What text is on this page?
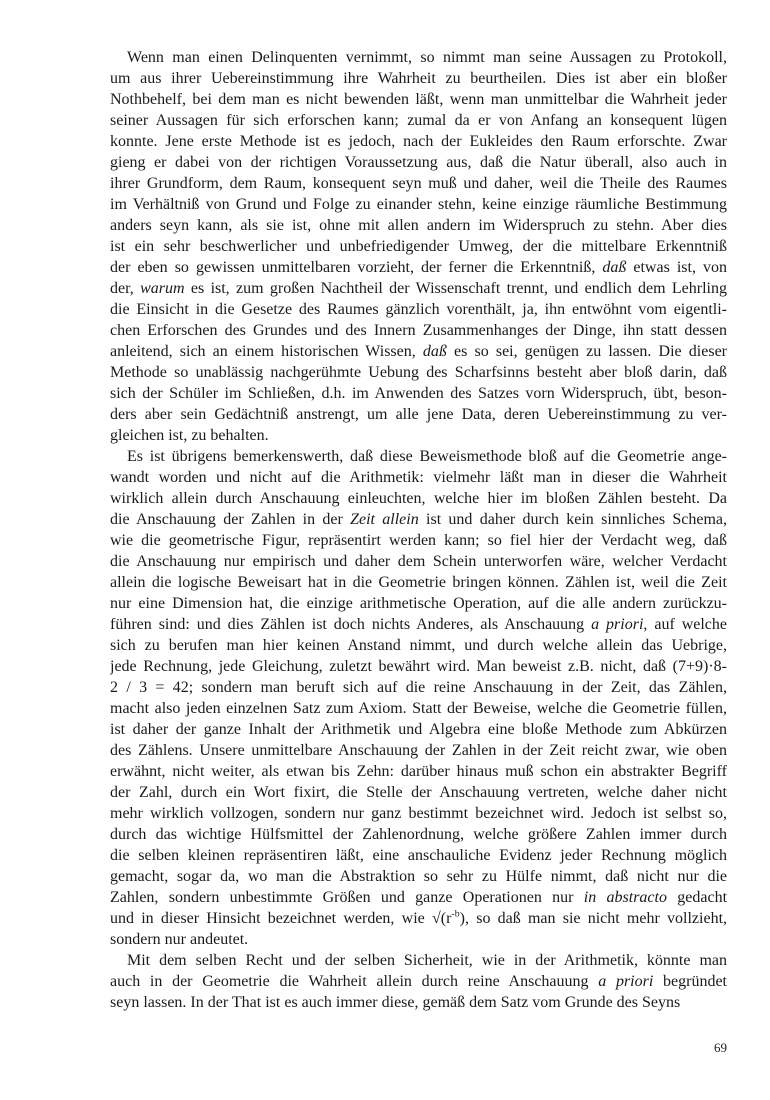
Wenn man einen Delinquenten vernimmt, so nimmt man seine Aussagen zu Protokoll,
um aus ihrer Uebereinstimmung ihre Wahrheit zu beurtheilen. Dies ist aber ein bloßer
Nothbehelf, bei dem man es nicht bewenden läßt, wenn man unmittelbar die Wahrheit jeder
seiner Aussagen für sich erforschen kann; zumal da er von Anfang an konsequent lügen
konnte. Jene erste Methode ist es jedoch, nach der Eukleides den Raum erforschte. Zwar
gieng er dabei von der richtigen Voraussetzung aus, daß die Natur überall, also auch in
ihrer Grundform, dem Raum, konsequent seyn muß und daher, weil die Theile des Raumes
im Verhältniß von Grund und Folge zu einander stehn, keine einzige räumliche Bestimmung
anders seyn kann, als sie ist, ohne mit allen andern im Widerspruch zu stehn. Aber dies
ist ein sehr beschwerlicher und unbefriedigender Umweg, der die mittelbare Erkenntniß
der eben so gewissen unmittelbaren vorzieht, der ferner die Erkenntniß, daß etwas ist, von
der, warum es ist, zum großen Nachtheil der Wissenschaft trennt, und endlich dem Lehrling
die Einsicht in die Gesetze des Raumes gänzlich vorenthält, ja, ihn entwöhnt vom eigentli-
chen Erforschen des Grundes und des Innern Zusammenhanges der Dinge, ihn statt dessen
anleitend, sich an einem historischen Wissen, daß es so sei, genügen zu lassen. Die dieser
Methode so unablässig nachgerühmte Uebung des Scharfsinns besteht aber bloß darin, daß
sich der Schüler im Schließen, d.h. im Anwenden des Satzes vorn Widerspruch, übt, beson-
ders aber sein Gedächtniß anstrengt, um alle jene Data, deren Uebereinstimmung zu ver-
gleichen ist, zu behalten.
Es ist übrigens bemerkenswerth, daß diese Beweismethode bloß auf die Geometrie ange-
wandt worden und nicht auf die Arithmetik: vielmehr läßt man in dieser die Wahrheit
wirklich allein durch Anschauung einleuchten, welche hier im bloßen Zählen besteht. Da
die Anschauung der Zahlen in der Zeit allein ist und daher durch kein sinnliches Schema,
wie die geometrische Figur, repräsentirt werden kann; so fiel hier der Verdacht weg, daß
die Anschauung nur empirisch und daher dem Schein unterworfen wäre, welcher Verdacht
allein die logische Beweisart hat in die Geometrie bringen können. Zählen ist, weil die Zeit
nur eine Dimension hat, die einzige arithmetische Operation, auf die alle andern zurückzu-
führen sind: und dies Zählen ist doch nichts Anderes, als Anschauung a priori, auf welche
sich zu berufen man hier keinen Anstand nimmt, und durch welche allein das Uebrige,
jede Rechnung, jede Gleichung, zuletzt bewährt wird. Man beweist z.B. nicht, daß (7+9)·8-
2 / 3 = 42; sondern man beruft sich auf die reine Anschauung in der Zeit, das Zählen,
macht also jeden einzelnen Satz zum Axiom. Statt der Beweise, welche die Geometrie füllen,
ist daher der ganze Inhalt der Arithmetik und Algebra eine bloße Methode zum Abkürzen
des Zählens. Unsere unmittelbare Anschauung der Zahlen in der Zeit reicht zwar, wie oben
erwähnt, nicht weiter, als etwan bis Zehn: darüber hinaus muß schon ein abstrakter Begriff
der Zahl, durch ein Wort fixirt, die Stelle der Anschauung vertreten, welche daher nicht
mehr wirklich vollzogen, sondern nur ganz bestimmt bezeichnet wird. Jedoch ist selbst so,
durch das wichtige Hülfsmittel der Zahlenordnung, welche größere Zahlen immer durch
die selben kleinen repräsentiren läßt, eine anschauliche Evidenz jeder Rechnung möglich
gemacht, sogar da, wo man die Abstraktion so sehr zu Hülfe nimmt, daß nicht nur die
Zahlen, sondern unbestimmte Größen und ganze Operationen nur in abstracto gedacht
und in dieser Hinsicht bezeichnet werden, wie $√(r^{-b})$, so daß man sie nicht mehr vollzieht,
sondern nur andeutet.
Mit dem selben Recht und der selben Sicherheit, wie in der Arithmetik, könnte man
auch in der Geometrie die Wahrheit allein durch reine Anschauung a priori begründet
seyn lassen. In der That ist es auch immer diese, gemäß dem Satz vom Grunde des Seyns
69
